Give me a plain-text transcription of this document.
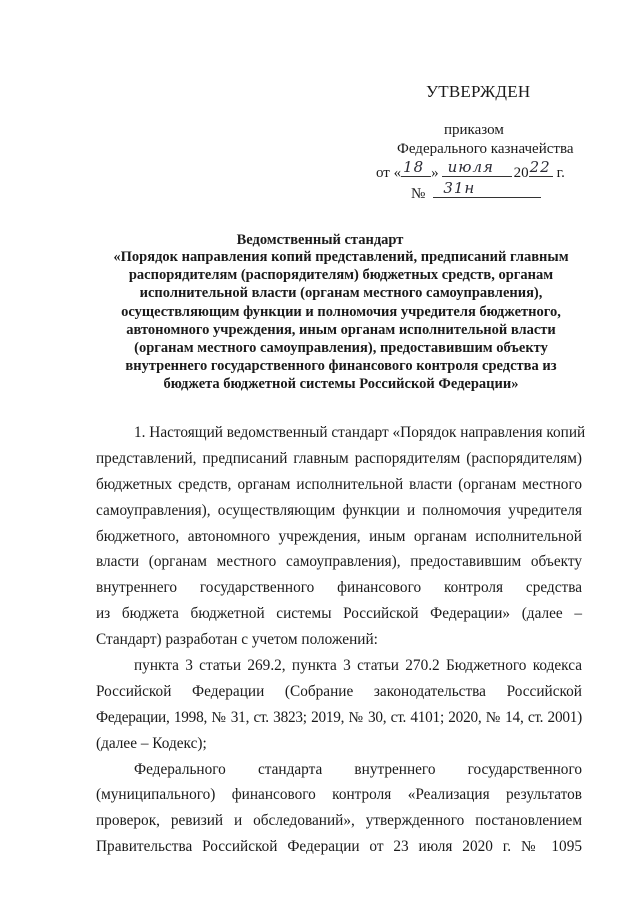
УТВЕРЖДЕН
приказом
Федерального казначейства
от « 18 » июля 20 22 г.
№ 31н
Ведомственный стандарт
«Порядок направления копий представлений, предписаний главным
распорядителям (распорядителям) бюджетных средств, органам
исполнительной власти (органам местного самоуправления),
осуществляющим функции и полномочия учредителя бюджетного,
автономного учреждения, иным органам исполнительной власти
(органам местного самоуправления), предоставившим объекту
внутреннего государственного финансового контроля средства из
бюджета бюджетной системы Российской Федерации»
1. Настоящий ведомственный стандарт «Порядок направления копий
представлений, предписаний главным распорядителям (распорядителям)
бюджетных средств, органам исполнительной власти (органам местного
самоуправления), осуществляющим функции и полномочия учредителя
бюджетного, автономного учреждения, иным органам исполнительной
власти (органам местного самоуправления), предоставившим объекту
внутреннего государственного финансового контроля средства
из бюджета бюджетной системы Российской Федерации» (далее –
Стандарт) разработан с учетом положений:
пункта 3 статьи 269.2, пункта 3 статьи 270.2 Бюджетного кодекса
Российской Федерации (Собрание законодательства Российской
Федерации, 1998, № 31, ст. 3823; 2019, № 30, ст. 4101; 2020, № 14, ст. 2001)
(далее – Кодекс);
Федерального стандарта внутреннего государственного
(муниципального) финансового контроля «Реализация результатов
проверок, ревизий и обследований», утвержденного постановлением
Правительства Российской Федерации от 23 июля 2020 г. № 1095
